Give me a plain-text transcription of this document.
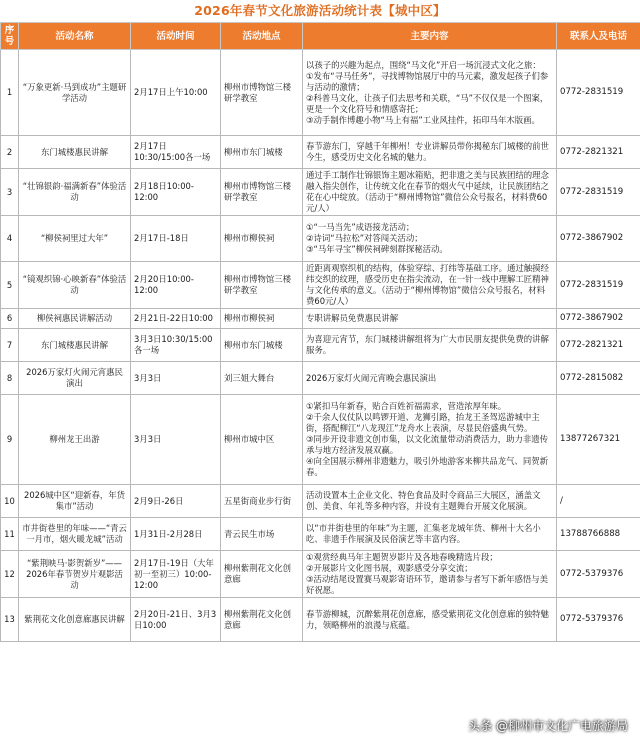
2026年春节文化旅游活动统计表【城中区】
序
号	活动名称	活动时间	活动地点	主要内容	联系人及电话
1	“万象更新·马到成功”主题研学活动	2月17日上午10:00	柳州市博物馆三楼研学教室	以孩子的兴趣为起点，围绕“马文化”开启一场沉浸式文化之旅：
①发布“寻马任务”，寻找博物馆展厅中的马元素，激发起孩子们参与活动的激情；
②科普马文化，让孩子们去思考和关联，“马”不仅仅是一个图案，更是一个文化符号和情感寄托；
③动手制作博趣小物“马上有福”工业风挂件，拓印马年木版画。	0772-2831519
2	东门城楼惠民讲解	2月17日10:30/15:00各一场	柳州市东门城楼	春节游东门，穿越千年柳州！专业讲解员带你揭秘东门城楼的前世今生，感受历史文化名城的魅力。	0772-2821321
3	“壮锦银韵·福满新春”体验活动	2月18日10:00-12:00	柳州市博物馆三楼研学教室	通过手工制作壮锦银饰主题冰箱贴，把非遗之美与民族团结的理念融入指尖创作，让传统文化在春节的烟火气中延续，让民族团结之花在心中绽放。（活动于“柳州博物馆”微信公众号报名，材料费60元/人）	0772-2831519
4	“柳侯祠里过大年”	2月17日-18日	柳州市柳侯祠	①“一马当先”成语接龙活动；
②诗词“马拉松”对答闯关活动；
③“马年寻宝”柳侯祠碑刻群探秘活动。	0772-3867902
5	“镜观织锦·心映新春”体验活动	2月20日10:00-12:00	柳州市博物馆三楼研学教室	近距离观察织机的结构，体验穿综、打纬等基础工序。通过触摸经纬交织的纹理，感受历史在指尖流动，在一针一线中理解工匠精神与文化传承的意义。（活动于“柳州博物馆”微信公众号报名，材料费60元/人）	0772-2831519
6	柳侯祠惠民讲解活动	2月21日-22日10:00	柳州市柳侯祠	专职讲解员免费惠民讲解	0772-3867902
7	东门城楼惠民讲解	3月3日10:30/15:00各一场	柳州市东门城楼	为喜迎元宵节，东门城楼讲解组将为广大市民朋友提供免费的讲解服务。	0772-2821321
8	2026万家灯火闹元宵惠民演出	3月3日	刘三姐大舞台	2026万家灯火闹元宵晚会惠民演出	0772-2815082
9	柳州龙王出游	3月3日	柳州市城中区	①紧扣马年新春，贴合百姓祈福需求，营造浓厚年味。
②千余人仪仗队以鸣锣开道、龙狮引路，抬龙王圣驾巡游城中主街，搭配柳江“八龙现江”龙舟水上表演，尽显民俗盛典气势。
③同步开设非遗文创市集，以文化流量带动消费活力，助力非遗传承与地方经济发展双赢。
④向全国展示柳州非遗魅力，吸引外地游客来柳共品龙气、同贺新春。	13877267321
10	2026城中区“迎新春，年货集市”活动	2月9日-26日	五星街商业步行街	活动设置本土企业文化、特色食品及时令商品三大展区，涵盖文创、美食、年礼等多种内容，并设有主题舞台开展文化展演。	/
11	市井街巷里的年味——“青云一月市，烟火暖龙城”活动	1月31日-2月28日	青云民生市场	以“市井街巷里的年味”为主题，汇集老龙城年货、柳州十大名小吃、非遗手作展演及民俗演艺等丰富内容。	13788766888
12	“紫荆映马·影贺新岁”——2026年春节贺岁片观影活动	2月17日-19日（大年初一至初三）10:00-12:00	柳州紫荆花文化创意廊	①观赏经典马年主题贺岁影片及各地春晚精选片段；
②开展影片文化图书展，观影感受分享交流；
③活动结尾设置赛马观影寄语环节，邀请参与者写下新年感悟与美好祝愿。	0772-5379376
13	紫荆花文化创意廊惠民讲解	2月20日-21日、3月3日10:00	柳州紫荆花文化创意廊	春节游柳城，沉醉紫荆花创意廊，感受紫荆花文化创意廊的独特魅力，领略柳州的浪漫与底蕴。	0772-5379376
头条 @柳州市文化广电旅游局
